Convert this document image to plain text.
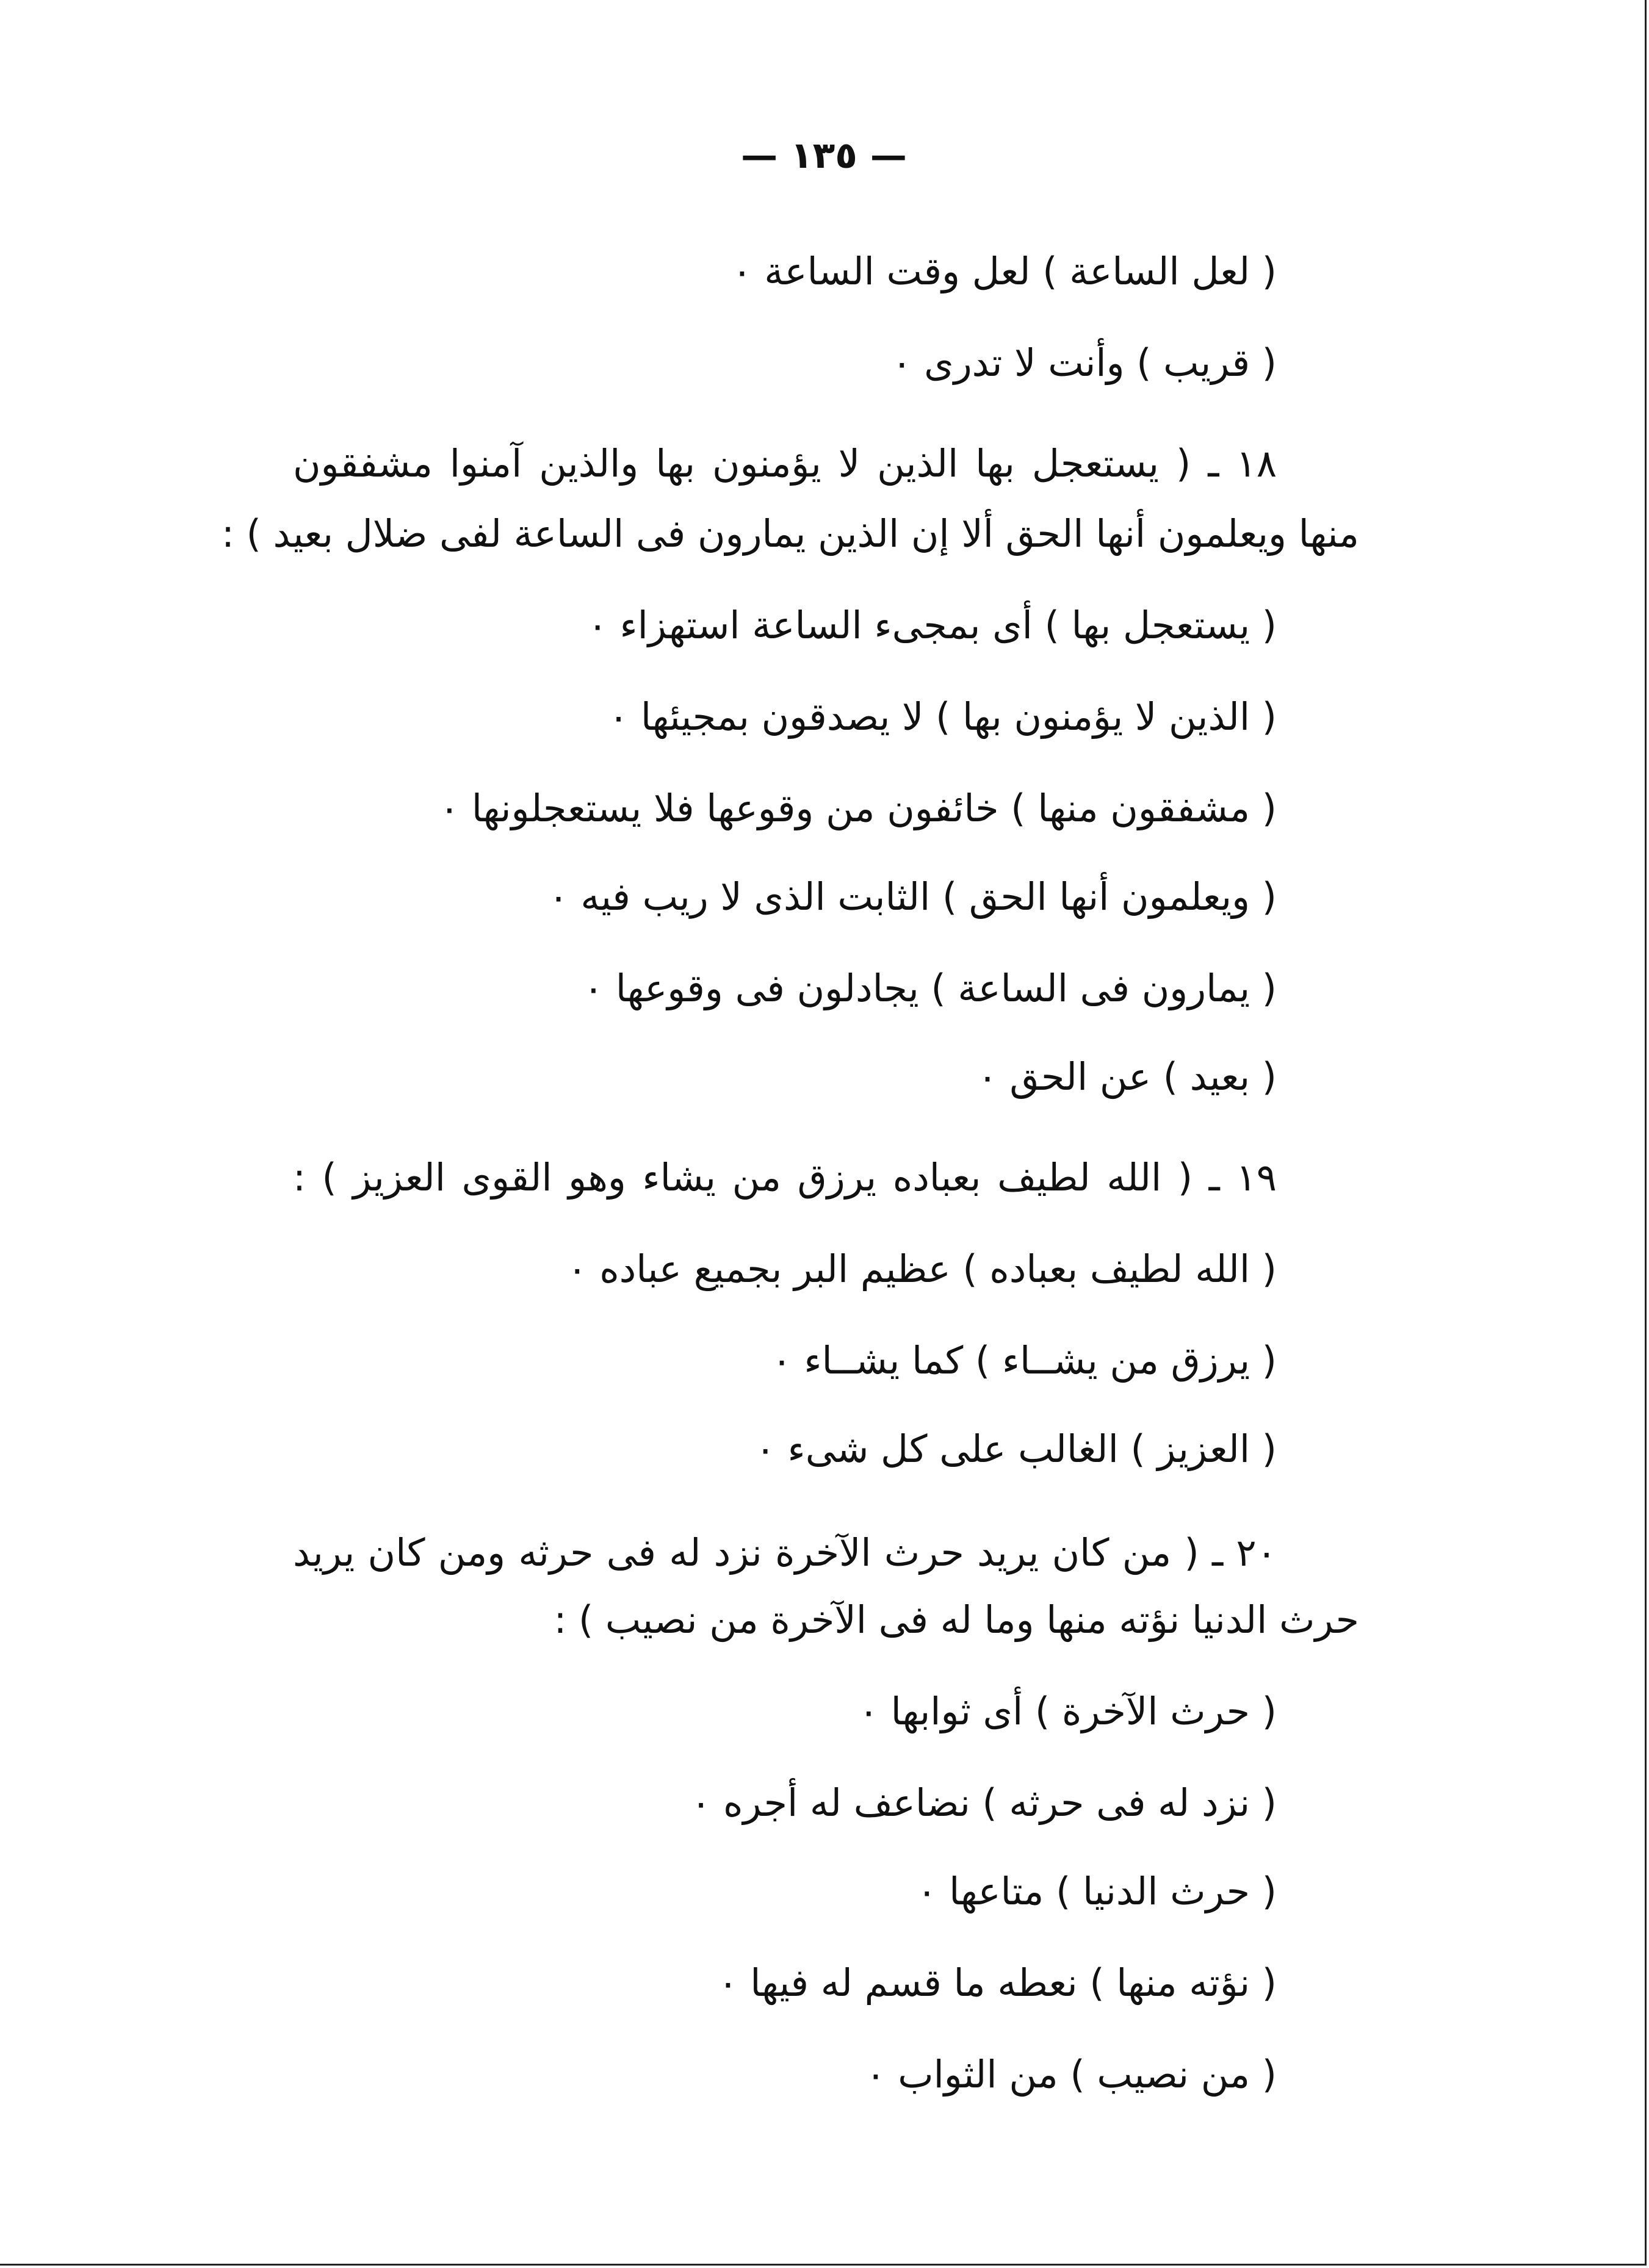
— ١٣٥ —
( لعل الساعة ) لعل وقت الساعة ٠
( قريب ) وأنت لا تدرى ٠
١٨ ـ ( يستعجل بها الذين لا يؤمنون بها والذين آمنوا مشفقون
منها ويعلمون أنها الحق ألا إن الذين يمارون فى الساعة لفى ضلال بعيد ) :
( يستعجل بها ) أى بمجىء الساعة استهزاء ٠
( الذين لا يؤمنون بها ) لا يصدقون بمجيئها ٠
( مشفقون منها ) خائفون من وقوعها فلا يستعجلونها ٠
( ويعلمون أنها الحق ) الثابت الذى لا ريب فيه ٠
( يمارون فى الساعة ) يجادلون فى وقوعها ٠
( بعيد ) عن الحق ٠
١٩ ـ ( الله لطيف بعباده يرزق من يشاء وهو القوى العزيز ) :
( الله لطيف بعباده ) عظيم البر بجميع عباده ٠
( يرزق من يشــاء ) كما يشــاء ٠
( العزيز ) الغالب على كل شىء ٠
٢٠ ـ ( من كان يريد حرث الآخرة نزد له فى حرثه ومن كان يريد
حرث الدنيا نؤته منها وما له فى الآخرة من نصيب ) :
( حرث الآخرة ) أى ثوابها ٠
( نزد له فى حرثه ) نضاعف له أجره ٠
( حرث الدنيا ) متاعها ٠
( نؤته منها ) نعطه ما قسم له فيها ٠
( من نصيب ) من الثواب ٠
